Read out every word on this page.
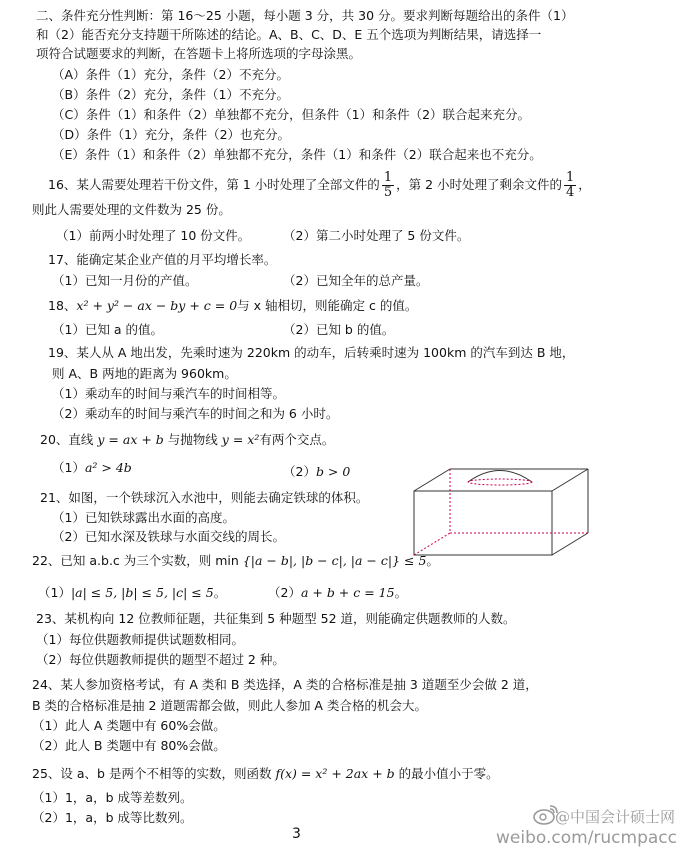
二、条件充分性判断：第 16～25 小题，每小题 3 分，共 30 分。要求判断每题给出的条件（1）
和（2）能否充分支持题干所陈述的结论。A、B、C、D、E 五个选项为判断结果，请选择一
项符合试题要求的判断，在答题卡上将所选项的字母涂黑。
（A）条件（1）充分，条件（2）不充分。
（B）条件（2）充分，条件（1）不充分。
（C）条件（1）和条件（2）单独都不充分，但条件（1）和条件（2）联合起来充分。
（D）条件（1）充分，条件（2）也充分。
（E）条件（1）和条件（2）单独都不充分，条件（1）和条件（2）联合起来也不充分。
16、某人需要处理若干份文件，第 1 小时处理了全部文件的 $\frac{1}{5}$ ，第 2 小时处理了剩余文件的 $\frac{1}{4}$ ，
则此人需要处理的文件数为 25 份。
（1）前两小时处理了 10 份文件。	（2）第二小时处理了 5 份文件。
17、能确定某企业产值的月平均增长率。
（1）已知一月份的产值。	（2）已知全年的总产量。
18、x² + y² − ax − by + c = 0与 x 轴相切，则能确定 c 的值。
（1）已知 a 的值。	（2）已知 b 的值。
19、某人从 A 地出发，先乘时速为 220km 的动车，后转乘时速为 100km 的汽车到达 B 地，
则 A、B 两地的距离为 960km。
（1）乘动车的时间与乘汽车的时间相等。
（2）乘动车的时间与乘汽车的时间之和为 6 小时。
20、直线 y = ax + b 与抛物线 y = x²有两个交点。
（1）a² > 4b	（2）b > 0
21、如图，一个铁球沉入水池中，则能去确定铁球的体积。
（1）已知铁球露出水面的高度。
（2）已知水深及铁球与水面交线的周长。
22、已知 a.b.c 为三个实数，则 min {|a − b|, |b − c|, |a − c|} ≤ 5。
（1）|a| ≤ 5, |b| ≤ 5, |c| ≤ 5。	（2）a + b + c = 15。
23、某机构向 12 位教师征题，共征集到 5 种题型 52 道，则能确定供题教师的人数。
（1）每位供题教师提供试题数相同。
（2）每位供题教师提供的题型不超过 2 种。
24、某人参加资格考试，有 A 类和 B 类选择，A 类的合格标准是抽 3 道题至少会做 2 道，
B 类的合格标准是抽 2 道题需都会做，则此人参加 A 类合格的机会大。
（1）此人 A 类题中有 60%会做。
（2）此人 B 类题中有 80%会做。
25、设 a、b 是两个不相等的实数，则函数 f(x) = x² + 2ax + b 的最小值小于零。
（1）1，a，b 成等差数列。
（2）1，a，b 成等比数列。
3
@中国会计硕士网
weibo.com/rucmpacc
